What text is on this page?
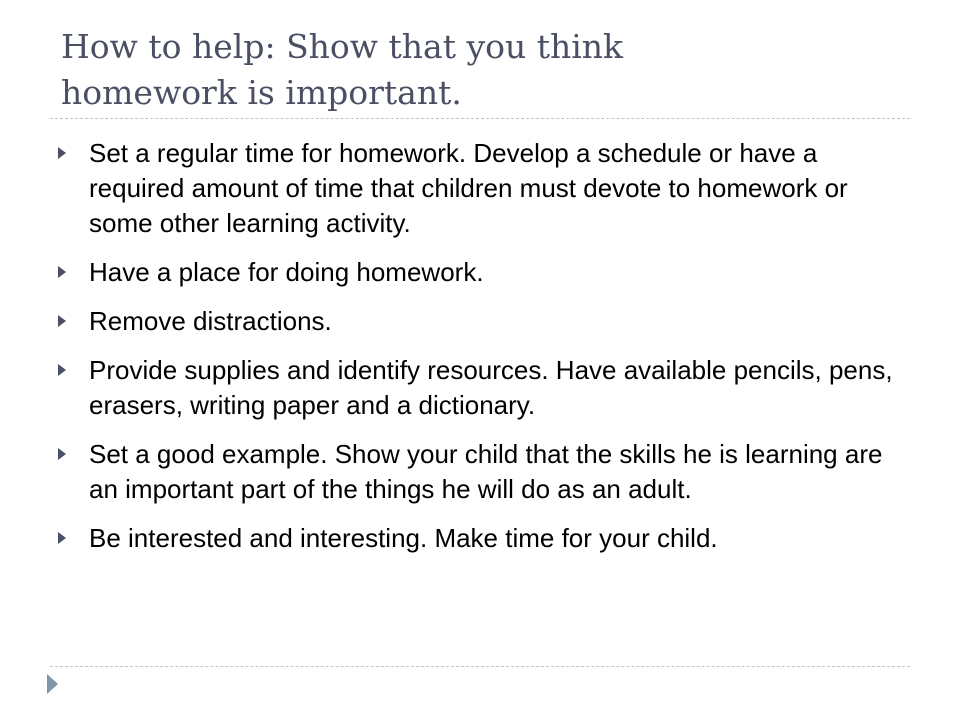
How to help: Show that you think
homework is important.
Set a regular time for homework. Develop a schedule or have a required amount of time that children must devote to homework or some other learning activity.
Have a place for doing homework.
Remove distractions.
Provide supplies and identify resources. Have available pencils, pens, erasers, writing paper and a dictionary.
Set a good example. Show your child that the skills he is learning are an important part of the things he will do as an adult.
Be interested and interesting. Make time for your child.
